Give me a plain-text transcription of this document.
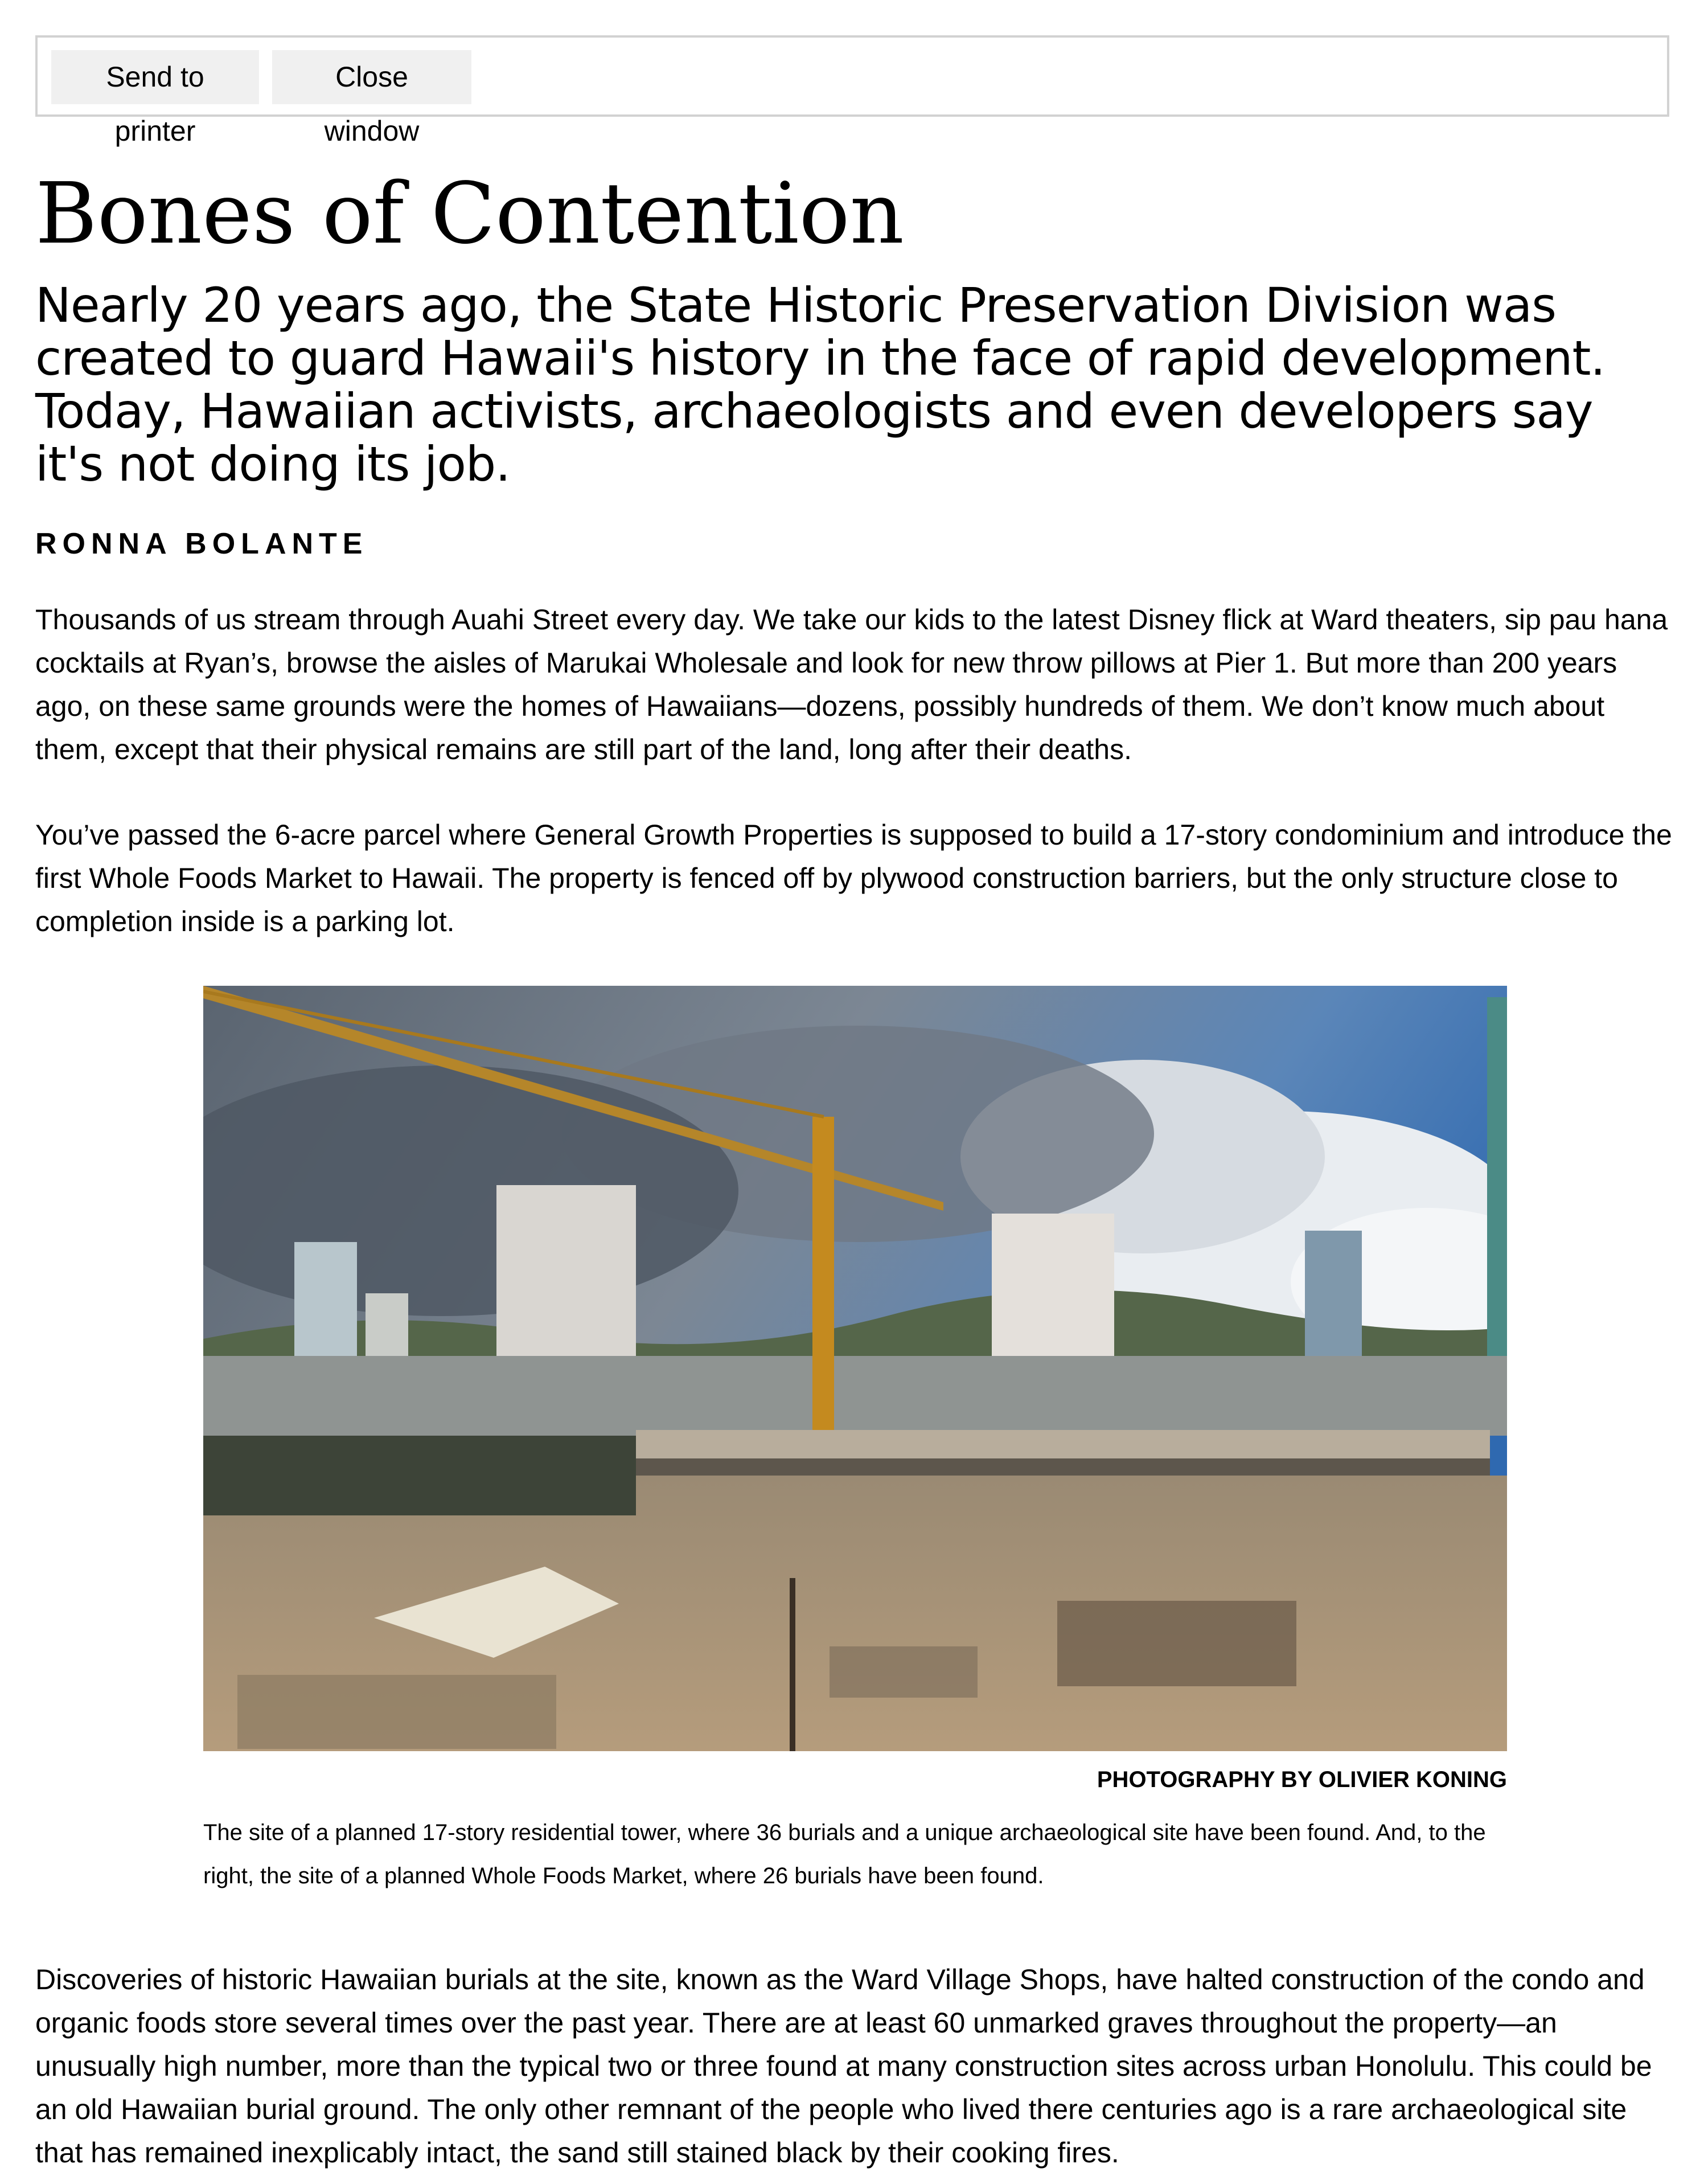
Send to printer
Close window
Bones of Contention
Nearly 20 years ago, the State Historic Preservation Division was created to guard Hawaii's history in the face of rapid development. Today, Hawaiian activists, archaeologists and even developers say it's not doing its job.
RONNA BOLANTE

Thousands of us stream through Auahi Street every day. We take our kids to the latest Disney flick at Ward theaters, sip pau hana cocktails at Ryan’s, browse the aisles of Marukai Wholesale and look for new throw pillows at Pier 1. But more than 200 years ago, on these same grounds were the homes of Hawaiians—dozens, possibly hundreds of them. We don’t know much about them, except that their physical remains are still part of the land, long after their deaths.

You’ve passed the 6-acre parcel where General Growth Properties is supposed to build a 17-story condominium and introduce the first Whole Foods Market to Hawaii. The property is fenced off by plywood construction barriers, but the only structure close to completion inside is a parking lot.

PHOTOGRAPHY BY OLIVIER KONING

The site of a planned 17-story residential tower, where 36 burials and a unique archaeological site have been found. And, to the right, the site of a planned Whole Foods Market, where 26 burials have been found.

Discoveries of historic Hawaiian burials at the site, known as the Ward Village Shops, have halted construction of the condo and organic foods store several times over the past year. There are at least 60 unmarked graves throughout the property—an unusually high number, more than the typical two or three found at many construction sites across urban Honolulu. This could be an old Hawaiian burial ground. The only other remnant of the people who lived there centuries ago is a rare archaeological site that has remained inexplicably intact, the sand still stained black by their cooking fires.
